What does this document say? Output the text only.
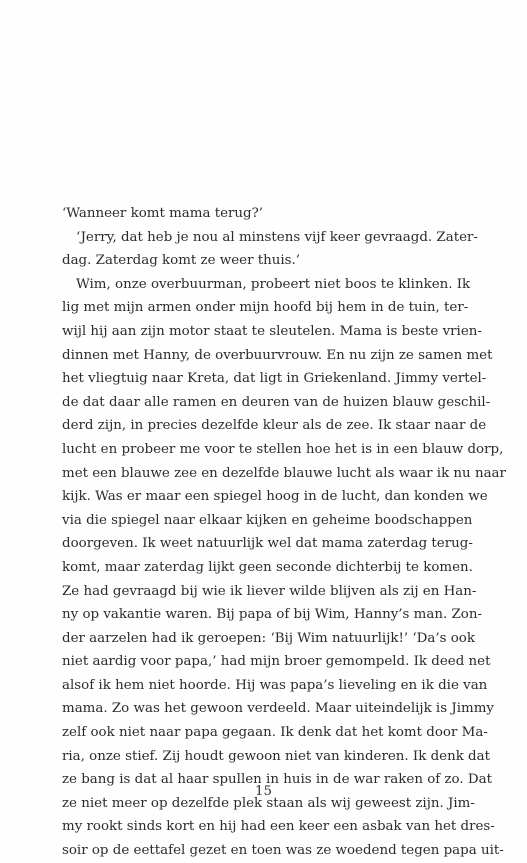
‘Wanneer komt mama terug?’
‘Jerry, dat heb je nou al minstens vijf keer gevraagd. Zater-
dag. Zaterdag komt ze weer thuis.’
Wim, onze overbuurman, probeert niet boos te klinken. Ik
lig met mijn armen onder mijn hoofd bij hem in de tuin, ter-
wijl hij aan zijn motor staat te sleutelen. Mama is beste vrien-
dinnen met Hanny, de overbuurvrouw. En nu zijn ze samen met
het vliegtuig naar Kreta, dat ligt in Griekenland. Jimmy vertel-
de dat daar alle ramen en deuren van de huizen blauw geschil-
derd zijn, in precies dezelfde kleur als de zee. Ik staar naar de
lucht en probeer me voor te stellen hoe het is in een blauw dorp,
met een blauwe zee en dezelfde blauwe lucht als waar ik nu naar
kijk. Was er maar een spiegel hoog in de lucht, dan konden we
via die spiegel naar elkaar kijken en geheime boodschappen
doorgeven. Ik weet natuurlijk wel dat mama zaterdag terug-
komt, maar zaterdag lijkt geen seconde dichterbij te komen.
Ze had gevraagd bij wie ik liever wilde blijven als zij en Han-
ny op vakantie waren. Bij papa of bij Wim, Hanny’s man. Zon-
der aarzelen had ik geroepen: ‘Bij Wim natuurlijk!’ ‘Da’s ook
niet aardig voor papa,’ had mijn broer gemompeld. Ik deed net
alsof ik hem niet hoorde. Hij was papa’s lieveling en ik die van
mama. Zo was het gewoon verdeeld. Maar uiteindelijk is Jimmy
zelf ook niet naar papa gegaan. Ik denk dat het komt door Ma-
ria, onze stief. Zij houdt gewoon niet van kinderen. Ik denk dat
ze bang is dat al haar spullen in huis in de war raken of zo. Dat
ze niet meer op dezelfde plek staan als wij geweest zijn. Jim-
my rookt sinds kort en hij had een keer een asbak van het dres-
soir op de eettafel gezet en toen was ze woedend tegen papa uit-
15
